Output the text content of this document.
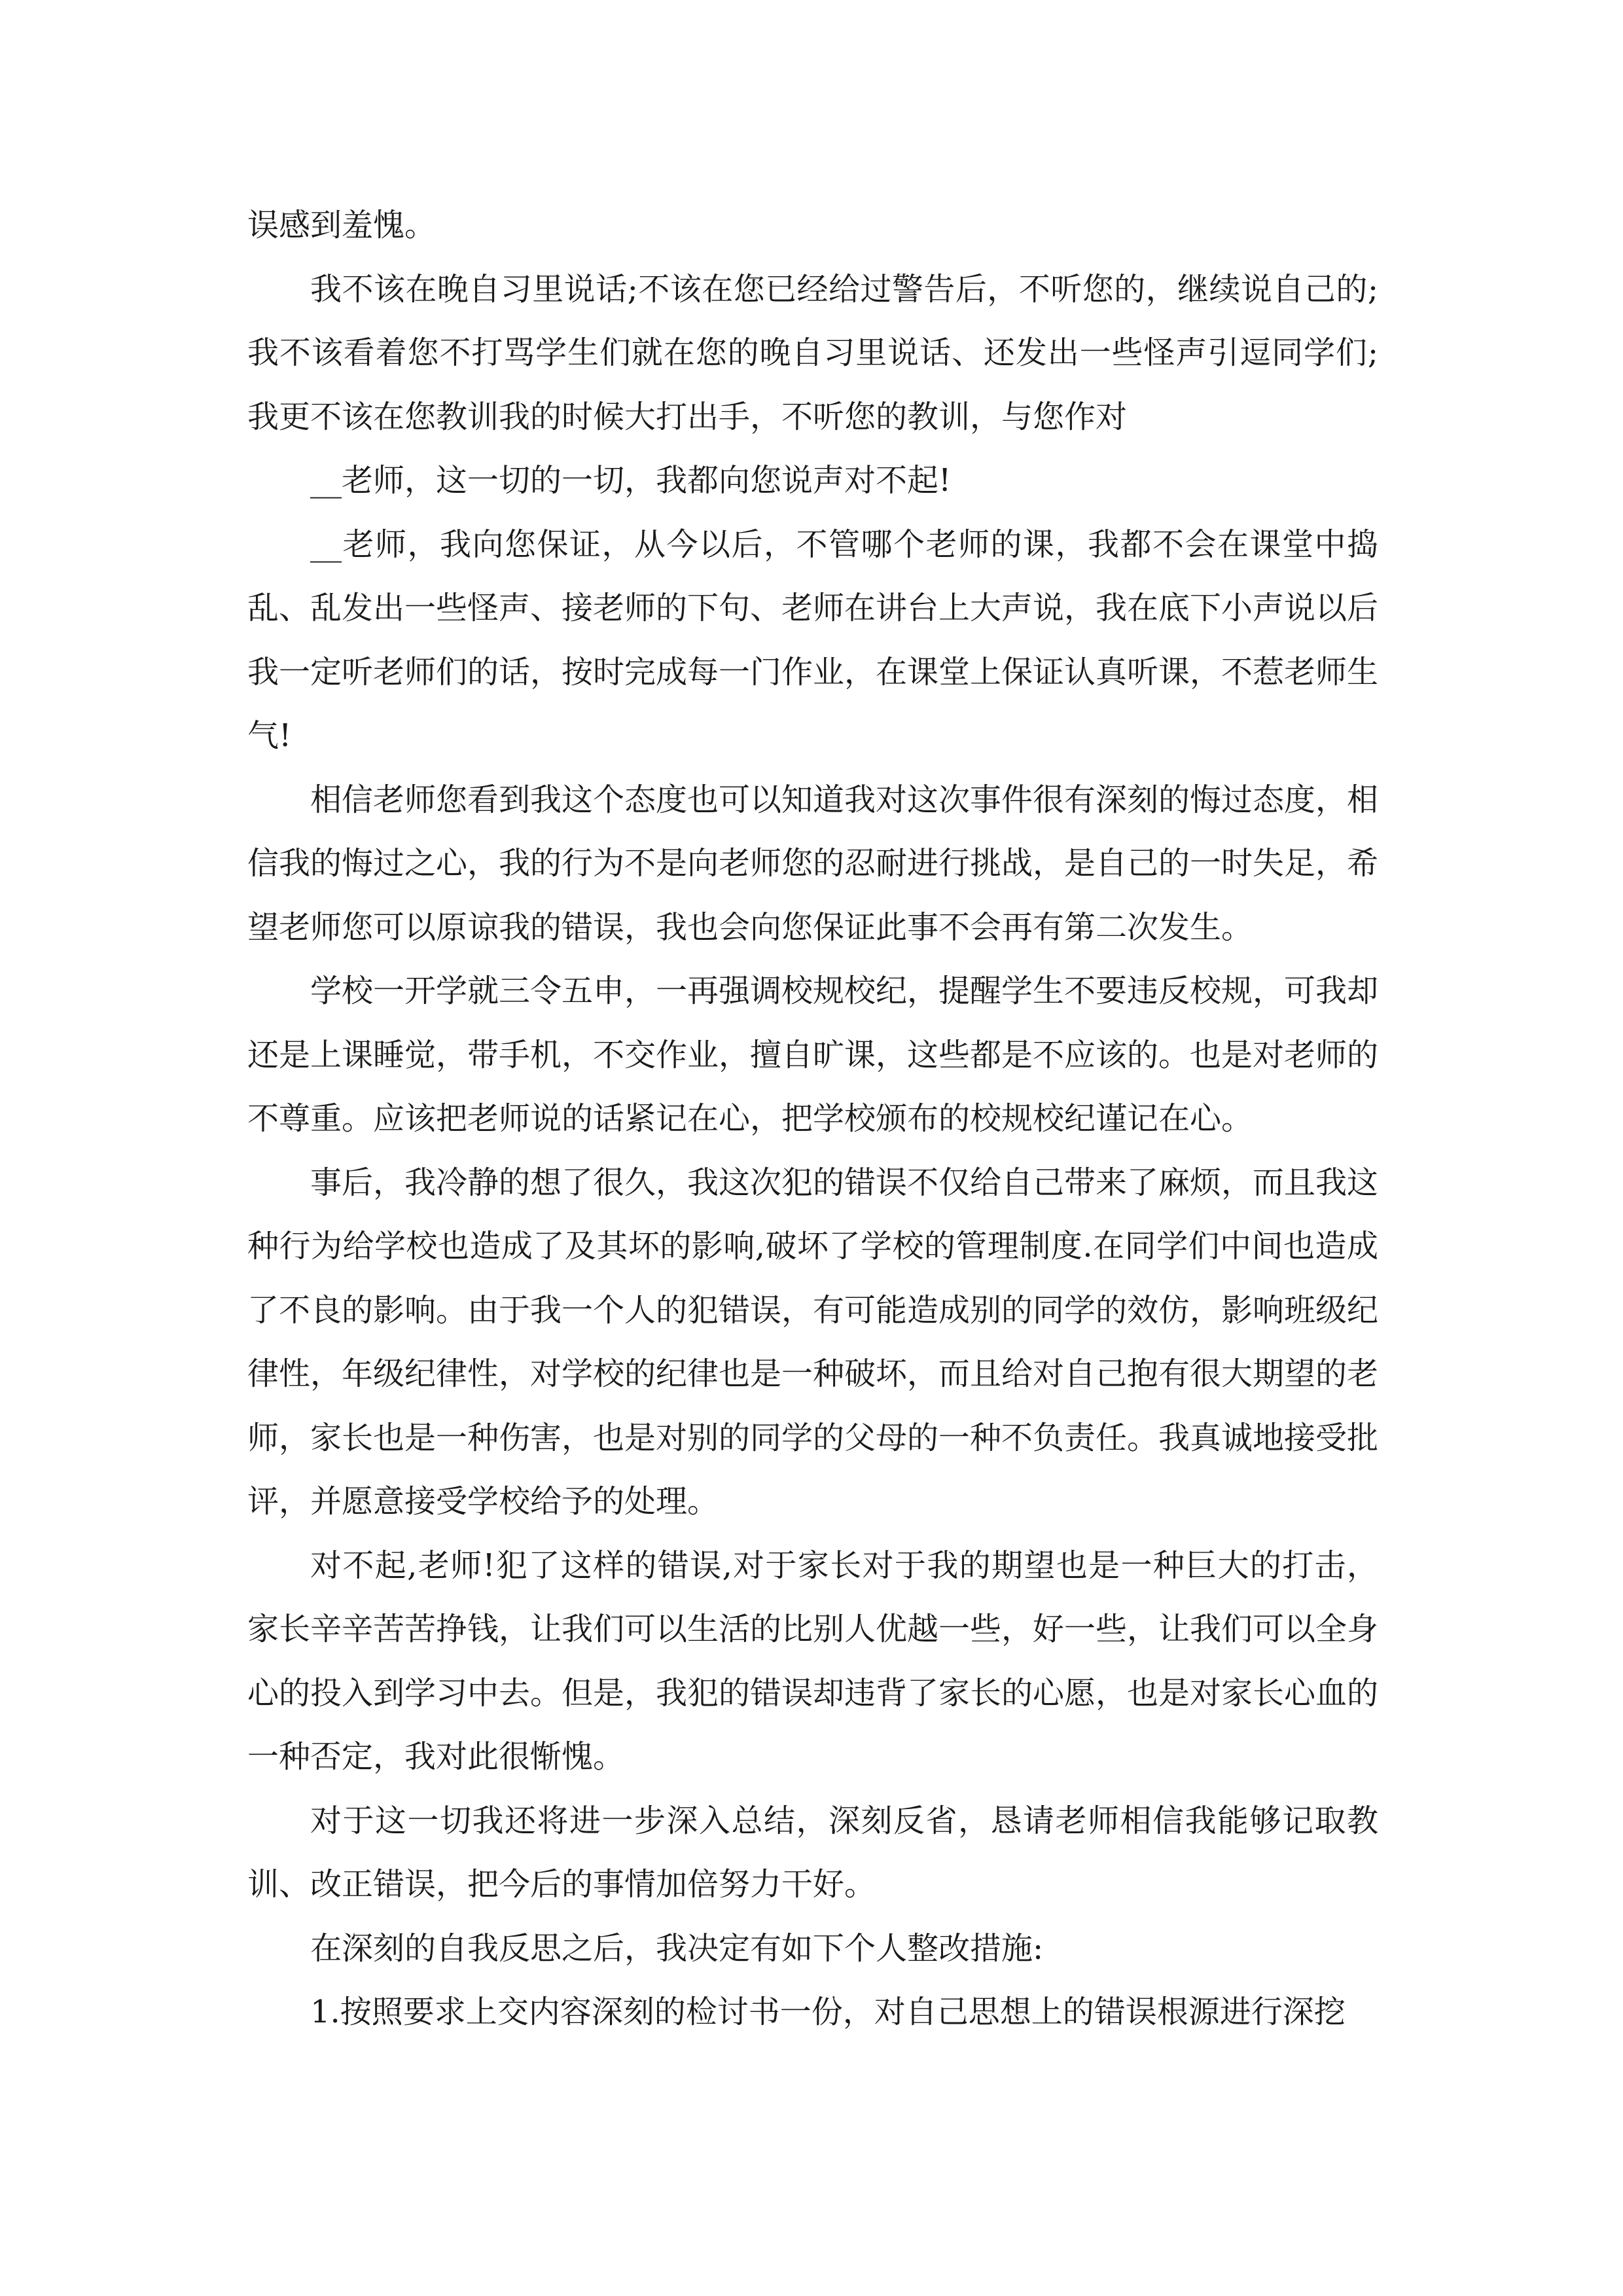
误感到羞愧。

我不该在晚自习里说话;不该在您已经给过警告后，不听您的，继续说自己的;我不该看着您不打骂学生们就在您的晚自习里说话、还发出一些怪声引逗同学们;我更不该在您教训我的时候大打出手，不听您的教训，与您作对

__老师，这一切的一切，我都向您说声对不起!

__老师，我向您保证，从今以后，不管哪个老师的课，我都不会在课堂中捣乱、乱发出一些怪声、接老师的下句、老师在讲台上大声说，我在底下小声说以后我一定听老师们的话，按时完成每一门作业，在课堂上保证认真听课，不惹老师生气!

相信老师您看到我这个态度也可以知道我对这次事件很有深刻的悔过态度，相信我的悔过之心，我的行为不是向老师您的忍耐进行挑战，是自己的一时失足，希望老师您可以原谅我的错误，我也会向您保证此事不会再有第二次发生。

学校一开学就三令五申，一再强调校规校纪，提醒学生不要违反校规，可我却还是上课睡觉，带手机，不交作业，擅自旷课，这些都是不应该的。也是对老师的不尊重。应该把老师说的话紧记在心，把学校颁布的校规校纪谨记在心。

事后，我冷静的想了很久，我这次犯的错误不仅给自己带来了麻烦，而且我这种行为给学校也造成了及其坏的影响,破坏了学校的管理制度.在同学们中间也造成了不良的影响。由于我一个人的犯错误，有可能造成别的同学的效仿，影响班级纪律性，年级纪律性，对学校的纪律也是一种破坏，而且给对自己抱有很大期望的老师，家长也是一种伤害，也是对别的同学的父母的一种不负责任。我真诚地接受批评，并愿意接受学校给予的处理。

对不起,老师!犯了这样的错误,对于家长对于我的期望也是一种巨大的打击，家长辛辛苦苦挣钱，让我们可以生活的比别人优越一些，好一些，让我们可以全身心的投入到学习中去。但是，我犯的错误却违背了家长的心愿，也是对家长心血的一种否定，我对此很惭愧。

对于这一切我还将进一步深入总结，深刻反省，恳请老师相信我能够记取教训、改正错误，把今后的事情加倍努力干好。

在深刻的自我反思之后，我决定有如下个人整改措施:

1.按照要求上交内容深刻的检讨书一份，对自己思想上的错误根源进行深挖
